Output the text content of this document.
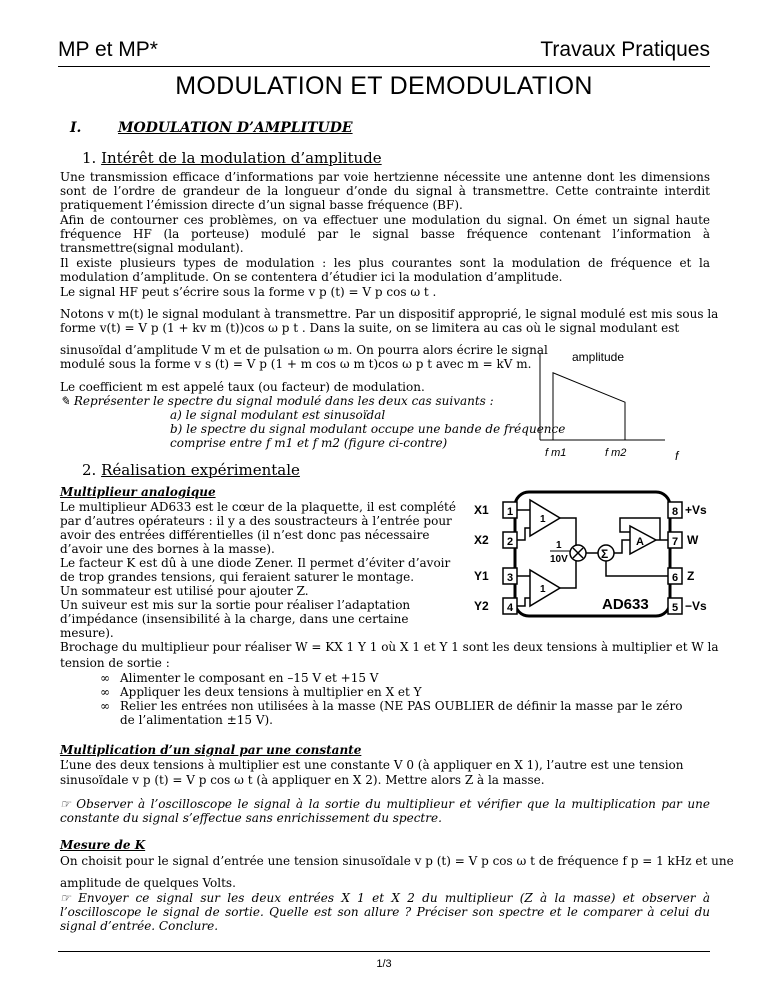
MP et MP*	Travaux Pratiques
MODULATION ET DEMODULATION
I.	MODULATION D’AMPLITUDE
1. Intérêt de la modulation d’amplitude
Une transmission efficace d’informations par voie hertzienne nécessite une antenne dont les dimensions sont de l’ordre de grandeur de la longueur d’onde du signal à transmettre. Cette contrainte interdit pratiquement l’émission directe d’un signal basse fréquence (BF).
Afin de contourner ces problèmes, on va effectuer une modulation du signal. On émet un signal haute fréquence HF (la porteuse) modulé par le signal basse fréquence contenant l’information à transmettre(signal modulant).
Il existe plusieurs types de modulation : les plus courantes sont la modulation de fréquence et la modulation d’amplitude. On se contentera d’étudier ici la modulation d’amplitude.
Le signal HF peut s’écrire sous la forme v p (t) = V p cos ω t .
Notons v m(t) le signal modulant à transmettre. Par un dispositif approprié, le signal modulé est mis sous la
forme v(t) = V p (1 + kv m (t))cos ω p t . Dans la suite, on se limitera au cas où le signal modulant est
sinusoïdal d’amplitude V m et de pulsation ω m. On pourra alors écrire le signal
modulé sous la forme v s (t) = V p (1 + m cos ω m t)cos ω p t avec m = kV m.
Le coefficient m est appelé taux (ou facteur) de modulation.
✎ Représenter le spectre du signal modulé dans les deux cas suivants :
a) le signal modulant est sinusoïdal
b) le spectre du signal modulant occupe une bande de fréquence
comprise entre f m1 et f m2 (figure ci-contre)
amplitude
f m1	f m2	f
2. Réalisation expérimentale
Multiplieur analogique
Le multiplieur AD633 est le cœur de la plaquette, il est complété
par d’autres opérateurs : il y a des soustracteurs à l’entrée pour
avoir des entrées différentielles (il n’est donc pas nécessaire
d’avoir une des bornes à la masse).
Le facteur K est dû à une diode Zener. Il permet d’éviter d’avoir
de trop grandes tensions, qui feraient saturer le montage.
Un sommateur est utilisé pour ajouter Z.
Un suiveur est mis sur la sortie pour réaliser l’adaptation
d’impédance (insensibilité à la charge, dans une certaine
mesure).
Brochage du multiplieur pour réaliser W = KX 1 Y 1 où X 1 et Y 1 sont les deux tensions à multiplier et W la
tension de sortie :
X1
X2
Y1
Y2
1
2
3
4
8
7
6
5
+Vs
W
Z
−Vs
1
1
1
10V	Σ
A
AD633
∞ Alimenter le composant en –15 V et +15 V
∞ Appliquer les deux tensions à multiplier en X et Y
∞ Relier les entrées non utilisées à la masse (NE PAS OUBLIER de définir la masse par le zéro de l’alimentation ±15 V).
Multiplication d’un signal par une constante
L’une des deux tensions à multiplier est une constante V 0 (à appliquer en X 1), l’autre est une tension
sinusoïdale v p (t) = V p cos ω t (à appliquer en X 2). Mettre alors Z à la masse.
☞ Observer à l’oscilloscope le signal à la sortie du multiplieur et vérifier que la multiplication par une constante du signal s’effectue sans enrichissement du spectre.
Mesure de K
On choisit pour le signal d’entrée une tension sinusoïdale v p (t) = V p cos ω t de fréquence f p = 1 kHz et une
amplitude de quelques Volts.
☞ Envoyer ce signal sur les deux entrées X 1 et X 2 du multiplieur (Z à la masse) et observer à l’oscilloscope le signal de sortie. Quelle est son allure ? Préciser son spectre et le comparer à celui du signal d’entrée. Conclure.
1/3
